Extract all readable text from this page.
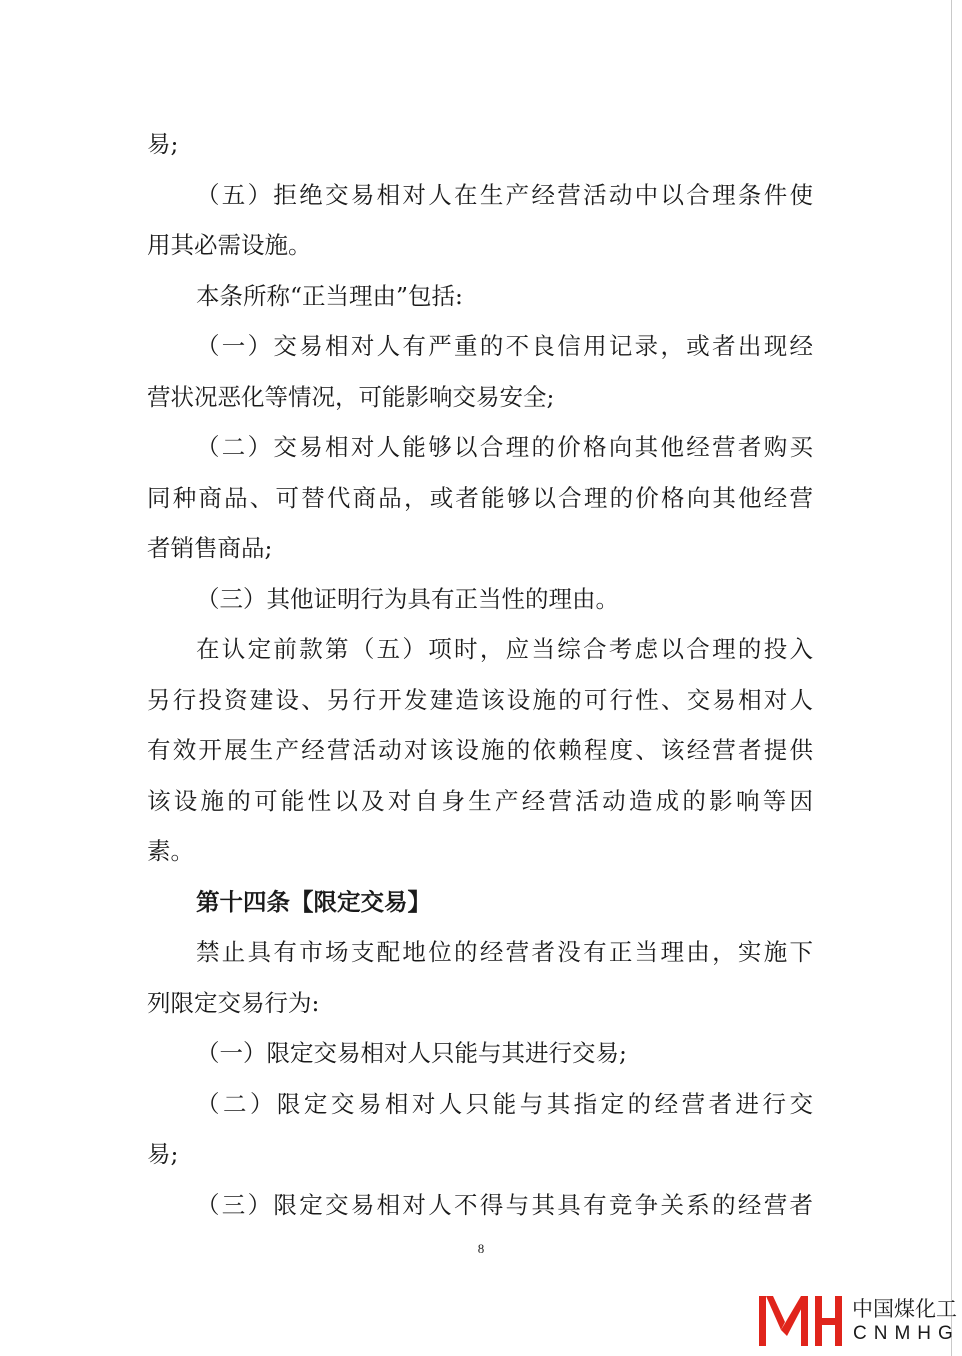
易;
（五）拒绝交易相对人在生产经营活动中以合理条件使
用其必需设施。
本条所称“正当理由”包括:
（一）交易相对人有严重的不良信用记录，或者出现经
营状况恶化等情况，可能影响交易安全;
（二）交易相对人能够以合理的价格向其他经营者购买
同种商品、可替代商品，或者能够以合理的价格向其他经营
者销售商品;
（三）其他证明行为具有正当性的理由。
在认定前款第（五）项时，应当综合考虑以合理的投入
另行投资建设、另行开发建造该设施的可行性、交易相对人
有效开展生产经营活动对该设施的依赖程度、该经营者提供
该设施的可能性以及对自身生产经营活动造成的影响等因
素。
第十四条【限定交易】
禁止具有市场支配地位的经营者没有正当理由，实施下
列限定交易行为:
（一）限定交易相对人只能与其进行交易;
（二）限定交易相对人只能与其指定的经营者进行交
易;
（三）限定交易相对人不得与其具有竞争关系的经营者
8
中国煤化工
CNMHG
